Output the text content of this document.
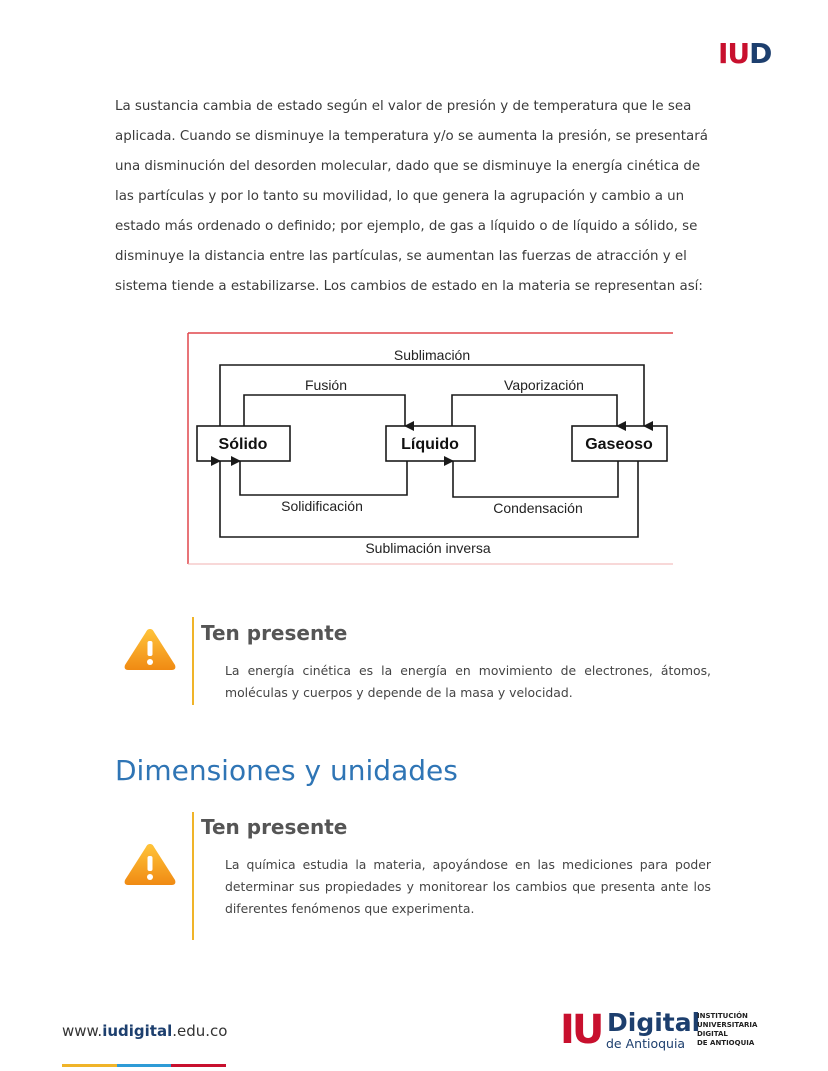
IUD

La sustancia cambia de estado según el valor de presión y de temperatura que le sea aplicada. Cuando se disminuye la temperatura y/o se aumenta la presión, se presentará una disminución del desorden molecular, dado que se disminuye la energía cinética de las partículas y por lo tanto su movilidad, lo que genera la agrupación y cambio a un estado más ordenado o definido; por ejemplo, de gas a líquido o de líquido a sólido, se disminuye la distancia entre las partículas, se aumentan las fuerzas de atracción y el sistema tiende a estabilizarse. Los cambios de estado en la materia se representan así:

Sólido	Líquido	Gaseoso
Sublimación
Fusión	Vaporización
Solidificación	Condensación
Sublimación inversa
Ten presente

La energía cinética es la energía en movimiento de electrones, átomos, moléculas y cuerpos y depende de la masa y velocidad.

Dimensiones y unidades
Ten presente

La química estudia la materia, apoyándose en las mediciones para poder determinar sus propiedades y monitorear los cambios que presenta ante los diferentes fenómenos que experimenta.

www.iudigital.edu.co	IU Digital
de Antioquia
INSTITUCIÓN
UNIVERSITARIA
DIGITAL
DE ANTIOQUIA
